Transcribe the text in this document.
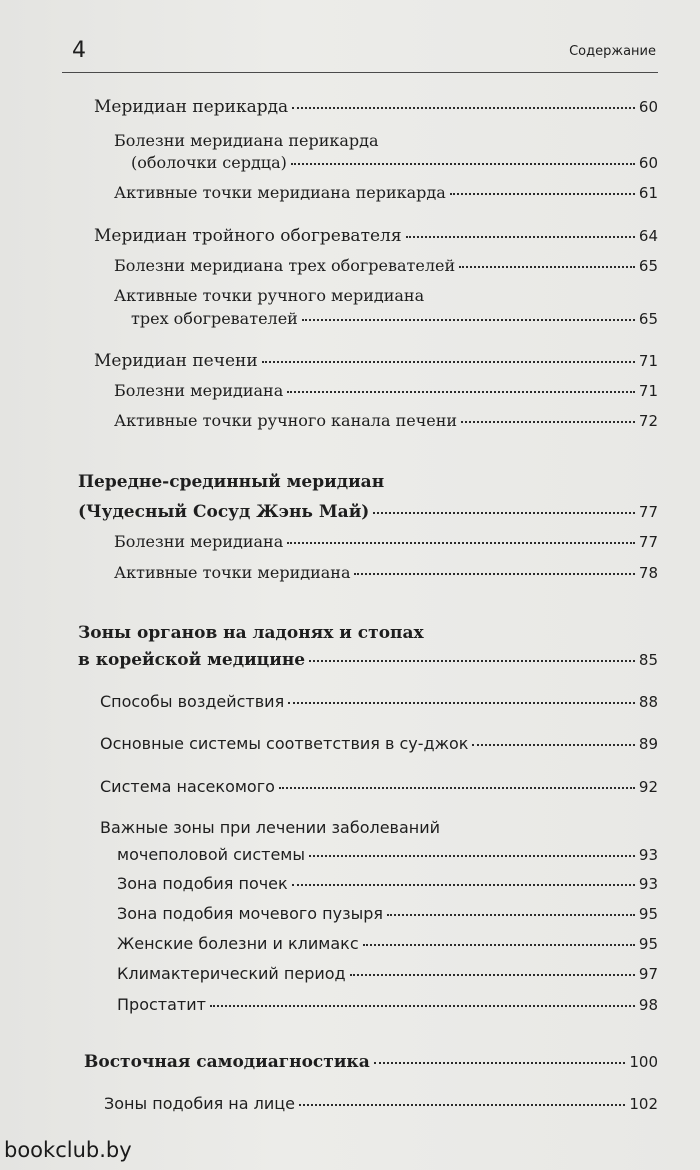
4	Содержание
Меридиан перикарда	60
Болезни меридиана перикарда
(оболочки сердца)	60
Активные точки меридиана перикарда	61
Меридиан тройного обогревателя	64
Болезни меридиана трех обогревателей	65
Активные точки ручного меридиана
трех обогревателей	65
Меридиан печени	71
Болезни меридиана	71
Активные точки ручного канала печени	72
Передне-срединный меридиан
(Чудесный Сосуд Жэнь Май)	77
Болезни меридиана	77
Активные точки меридиана	78
Зоны органов на ладонях и стопах
в корейской медицине	85
Способы воздействия	88
Основные системы соответствия в су-джок	89
Система насекомого	92
Важные зоны при лечении заболеваний
мочеполовой системы	93
Зона подобия почек	93
Зона подобия мочевого пузыря	95
Женские болезни и климакс	95
Климактерический период	97
Простатит	98
Восточная самодиагностика	100
Зоны подобия на лице	102
bookclub.by
